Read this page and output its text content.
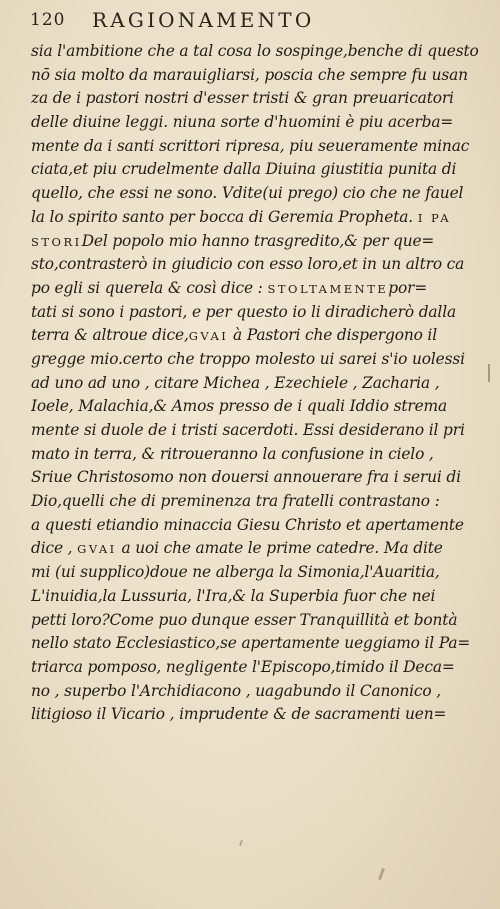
120 RAGIONAMENTO
sia l'ambitione che a tal cosa lo sospinge,benche di questo
nō sia molto da marauigliarsi, poscia che sempre fu usan
za de i pastori nostri d'esser tristi & gran preuaricatori
delle diuine leggi. niuna sorte d'huomini è piu acerba=
mente da i santi scrittori ripresa, piu seueramente minac
ciata,et piu crudelmente dalla Diuina giustitia punita di
quello, che essi ne sono. Vdite(ui prego) cio che ne fauel
la lo spirito santo per bocca di Geremia Propheta. I PA
STORIDel popolo mio hanno trasgredito,& per que=
sto,contrasterò in giudicio con esso loro,et in un altro ca
po egli si querela & così dice : STOLTAMENTEpor=
tati si sono i pastori, e per questo io li diradicherò dalla
terra & altroue dice,GVAI à Pastori che dispergono il
gregge mio.certo che troppo molesto ui sarei s'io uolessi
ad uno ad uno , citare Michea , Ezechiele , Zacharia ,
Ioele, Malachia,& Amos presso de i quali Iddio strema
mente si duole de i tristi sacerdoti. Essi desiderano il pri
mato in terra, & ritroueranno la confusione in cielo ,
Sriue Christosomo non douersi annouerare fra i serui di
Dio,quelli che di preminenza tra fratelli contrastano :
a questi etiandio minaccia Giesu Christo et apertamente
dice , GVAI a uoi che amate le prime catedre. Ma dite
mi (ui supplico)doue ne alberga la Simonia,l'Auaritia,
L'inuidia,la Lussuria, l'Ira,& la Superbia fuor che nei
petti loro?Come puo dunque esser Tranquillità et bontà
nello stato Ecclesiastico,se apertamente ueggiamo il Pa=
triarca pomposo, negligente l'Episcopo,timido il Deca=
no , superbo l'Archidiacono , uagabundo il Canonico ,
litigioso il Vicario , imprudente & de sacramenti uen=
